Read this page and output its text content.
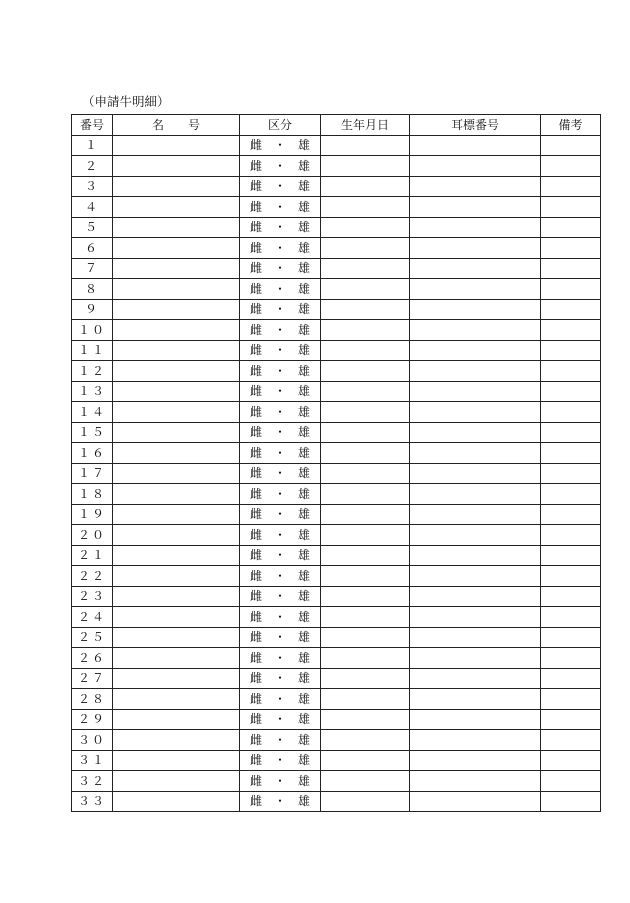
（申請牛明細）
番号	名　　号	区分	生年月日	耳標番号	備考
１		雌　・　雄			
２		雌　・　雄			
３		雌　・　雄			
４		雌　・　雄			
５		雌　・　雄			
６		雌　・　雄			
７		雌　・　雄			
８		雌　・　雄			
９		雌　・　雄			
１０		雌　・　雄			
１１		雌　・　雄			
１２		雌　・　雄			
１３		雌　・　雄			
１４		雌　・　雄			
１５		雌　・　雄			
１６		雌　・　雄			
１７		雌　・　雄			
１８		雌　・　雄			
１９		雌　・　雄			
２０		雌　・　雄			
２１		雌　・　雄			
２２		雌　・　雄			
２３		雌　・　雄			
２４		雌　・　雄			
２５		雌　・　雄			
２６		雌　・　雄			
２７		雌　・　雄			
２８		雌　・　雄			
２９		雌　・　雄			
３０		雌　・　雄			
３１		雌　・　雄			
３２		雌　・　雄			
３３		雌　・　雄			
